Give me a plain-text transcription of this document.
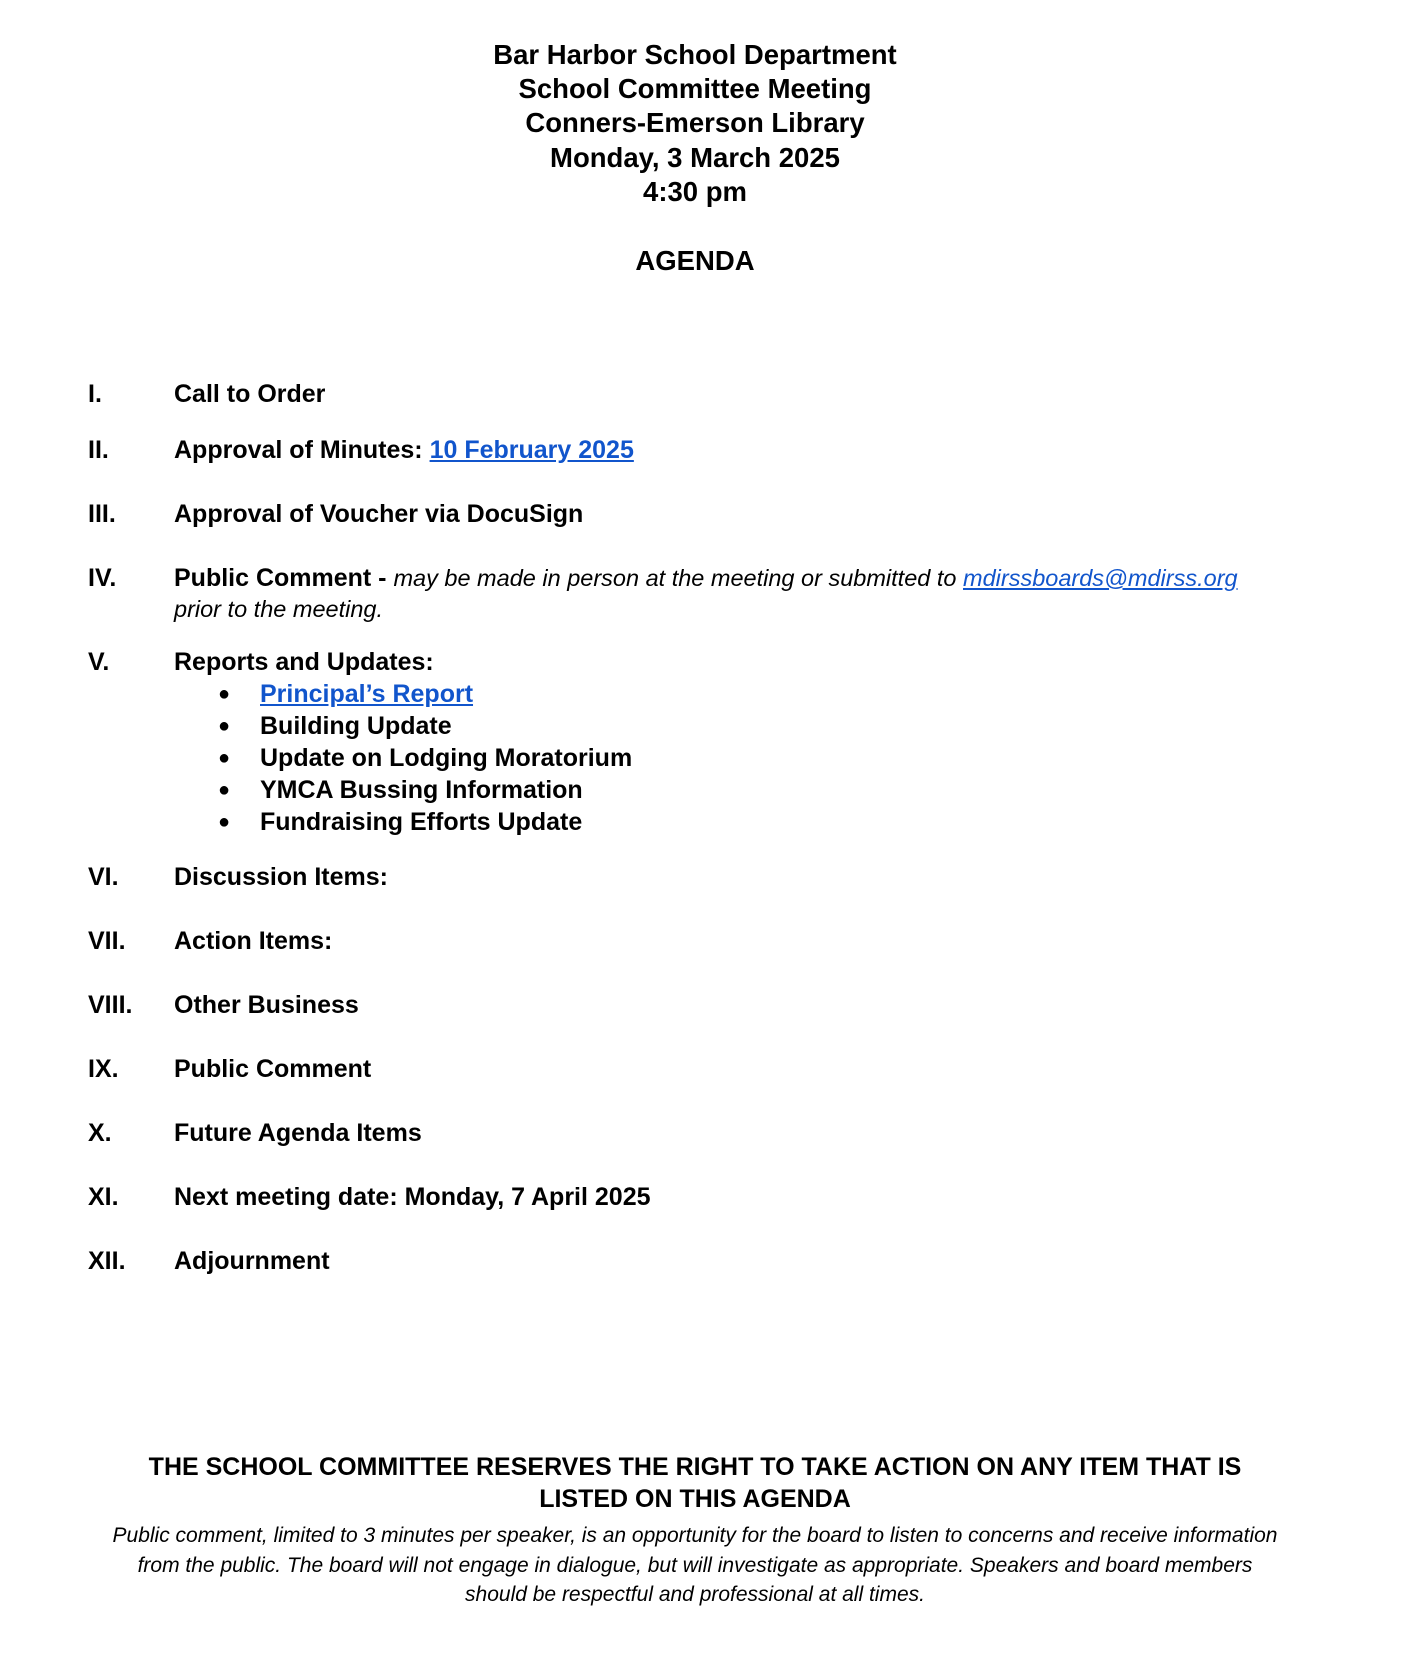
Bar Harbor School Department
School Committee Meeting
Conners-Emerson Library
Monday, 3 March 2025
4:30 pm
AGENDA
I.	Call to Order
II.	Approval of Minutes: 10 February 2025
III. Approval of Voucher via DocuSign
IV. Public Comment - may be made in person at the meeting or submitted to mdirssboards@mdirss.org
prior to the meeting.
V.	Reports and Updates:
● Principal’s Report
● Building Update
● Update on Lodging Moratorium
● YMCA Bussing Information
● Fundraising Efforts Update
VI. Discussion Items:
VII. Action Items:
VIII. Other Business
IX. Public Comment
X. Future Agenda Items
XI. Next meeting date: Monday, 7 April 2025
XII. Adjournment
THE SCHOOL COMMITTEE RESERVES THE RIGHT TO TAKE ACTION ON ANY ITEM THAT IS
LISTED ON THIS AGENDA
Public comment, limited to 3 minutes per speaker, is an opportunity for the board to listen to concerns and receive information
from the public. The board will not engage in dialogue, but will investigate as appropriate. Speakers and board members
should be respectful and professional at all times.
